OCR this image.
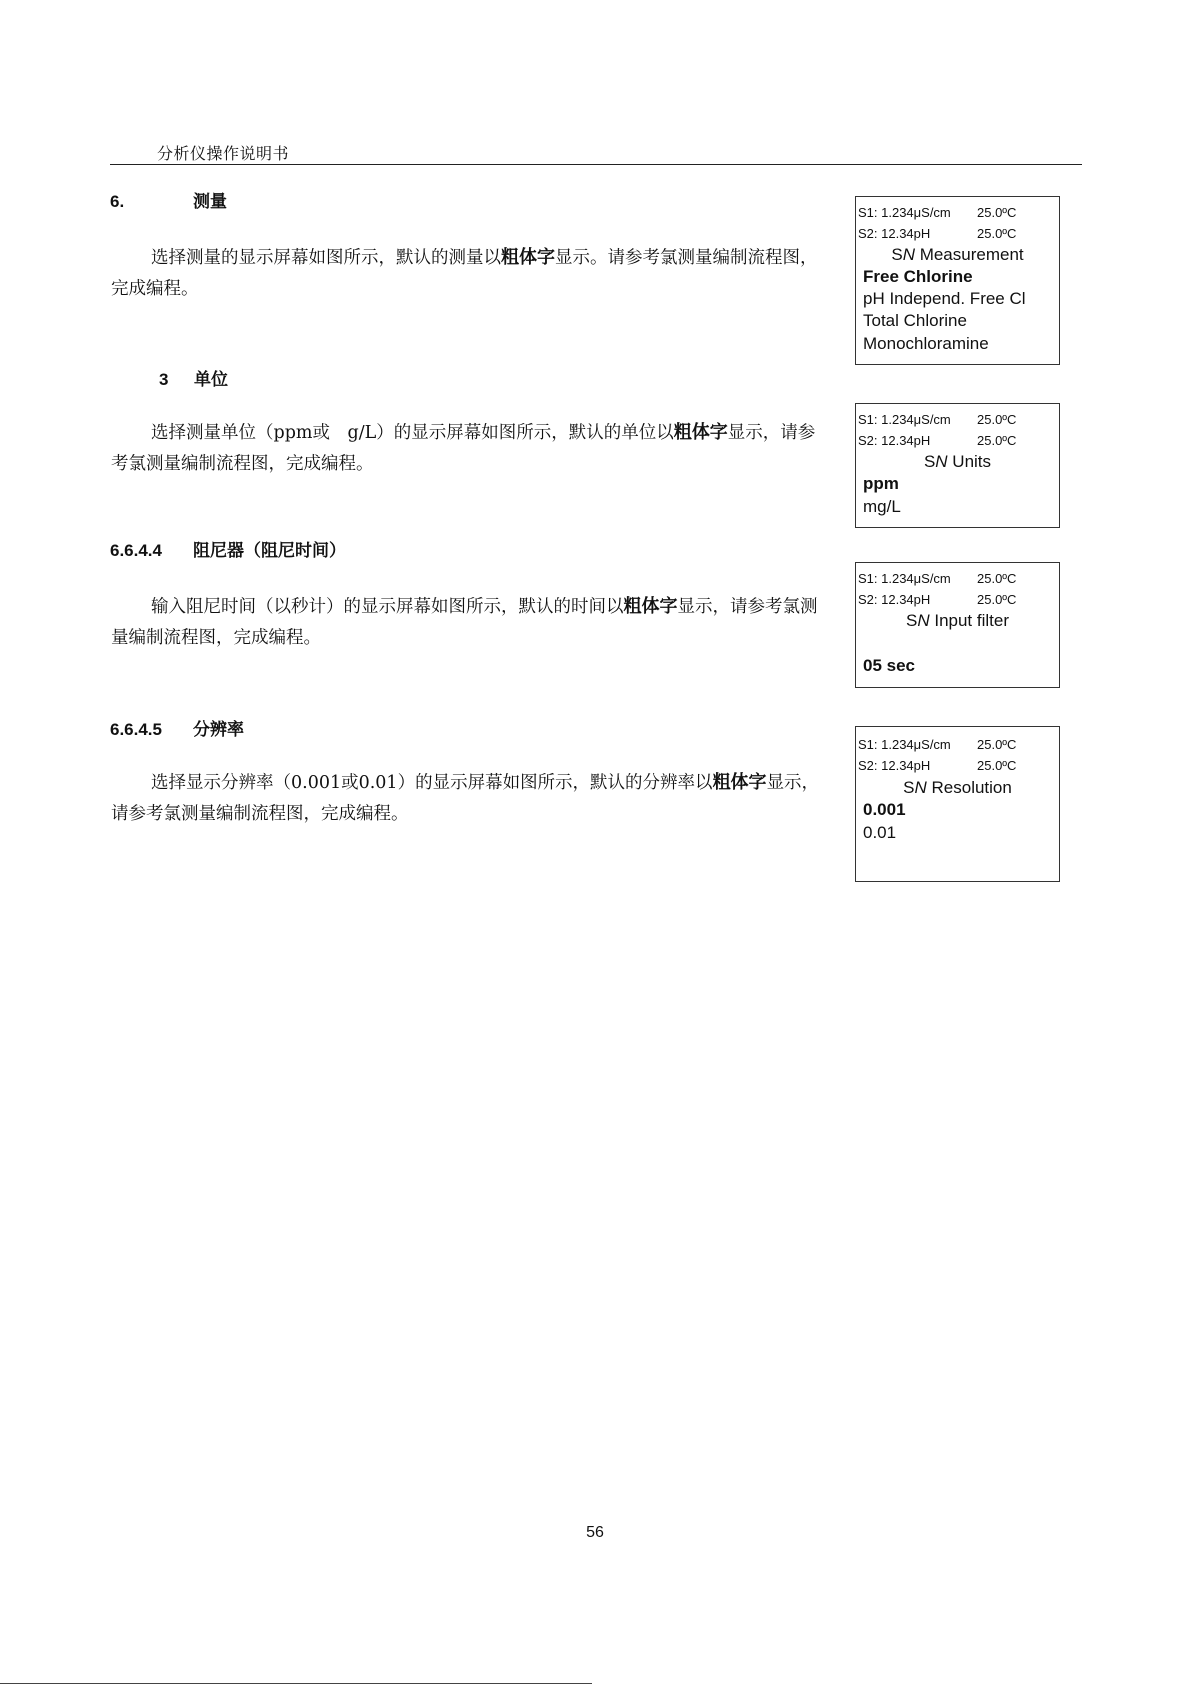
分析仪操作说明书
6.	测量
选择测量的显示屏幕如图所示，默认的测量以粗体字显示。请参考氯测量编制流程图，完成编程。
3 单位
选择测量单位（ppm或　g/L）的显示屏幕如图所示，默认的单位以粗体字显示，请参考氯测量编制流程图，完成编程。
6.6.4.4 阻尼器（阻尼时间）
输入阻尼时间（以秒计）的显示屏幕如图所示，默认的时间以粗体字显示，请参考氯测量编制流程图，完成编程。
6.6.4.5 分辨率
选择显示分辨率（0.001或0.01）的显示屏幕如图所示，默认的分辨率以粗体字显示，请参考氯测量编制流程图，完成编程。
S1: 1.234μS/cm 25.0ºC
S2: 12.34pH	25.0ºC
SN Measurement
Free Chlorine
pH Independ. Free Cl
Total Chlorine
Monochloramine
S1: 1.234μS/cm 25.0ºC
S2: 12.34pH	25.0ºC
SN Units
ppm
mg/L
S1: 1.234μS/cm 25.0ºC
S2: 12.34pH	25.0ºC
SN Input filter
05 sec
S1: 1.234μS/cm 25.0ºC
S2: 12.34pH	25.0ºC
SN Resolution
0.001
0.01
56
